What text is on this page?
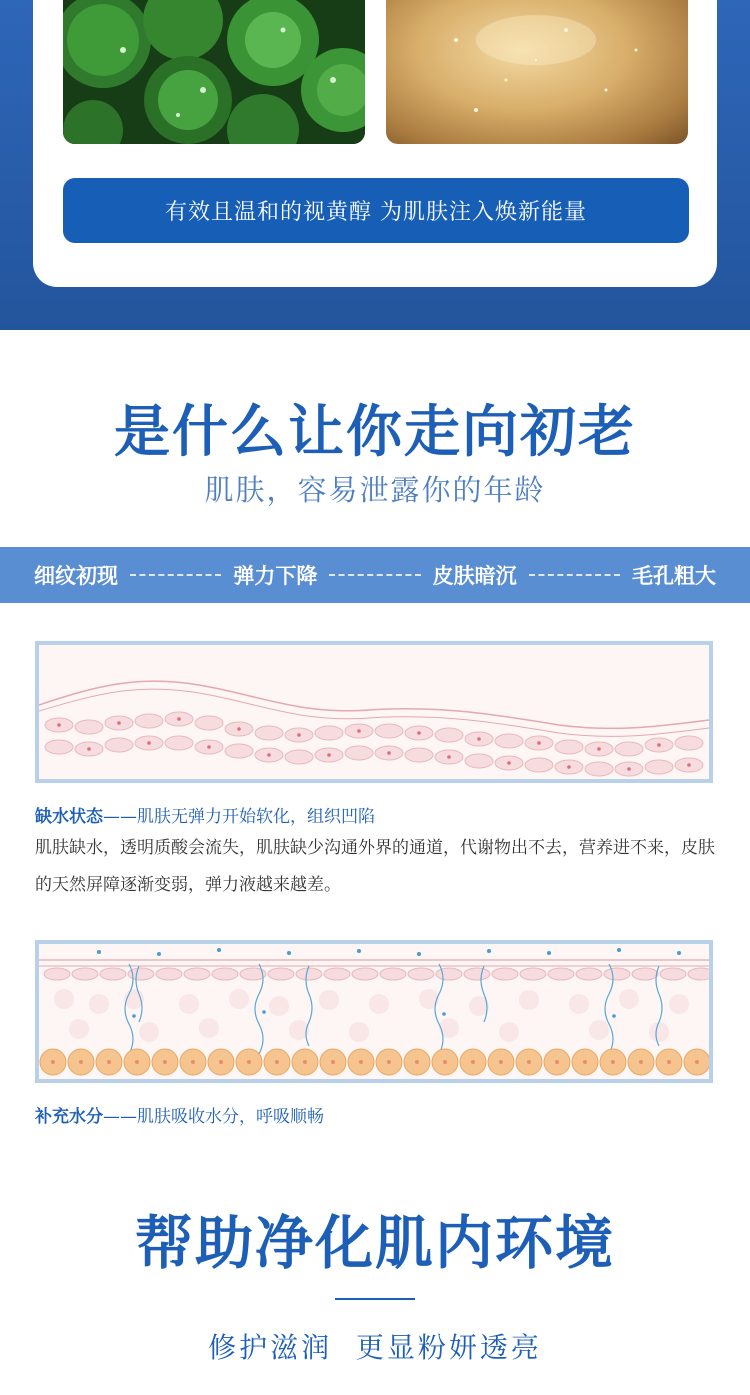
有效且温和的视黄醇 为肌肤注入焕新能量
是什么让你走向初老
肌肤，容易泄露你的年龄
细纹初现	弹力下降	皮肤暗沉	毛孔粗大
缺水状态——肌肤无弹力开始软化，组织凹陷
肌肤缺水，透明质酸会流失，肌肤缺少沟通外界的通道，代谢物出不去，营养进不来，皮肤的天然屏障逐渐变弱，弹力液越来越差。
补充水分——肌肤吸收水分，呼吸顺畅
帮助净化肌内环境
修护滋润  更显粉妍透亮
